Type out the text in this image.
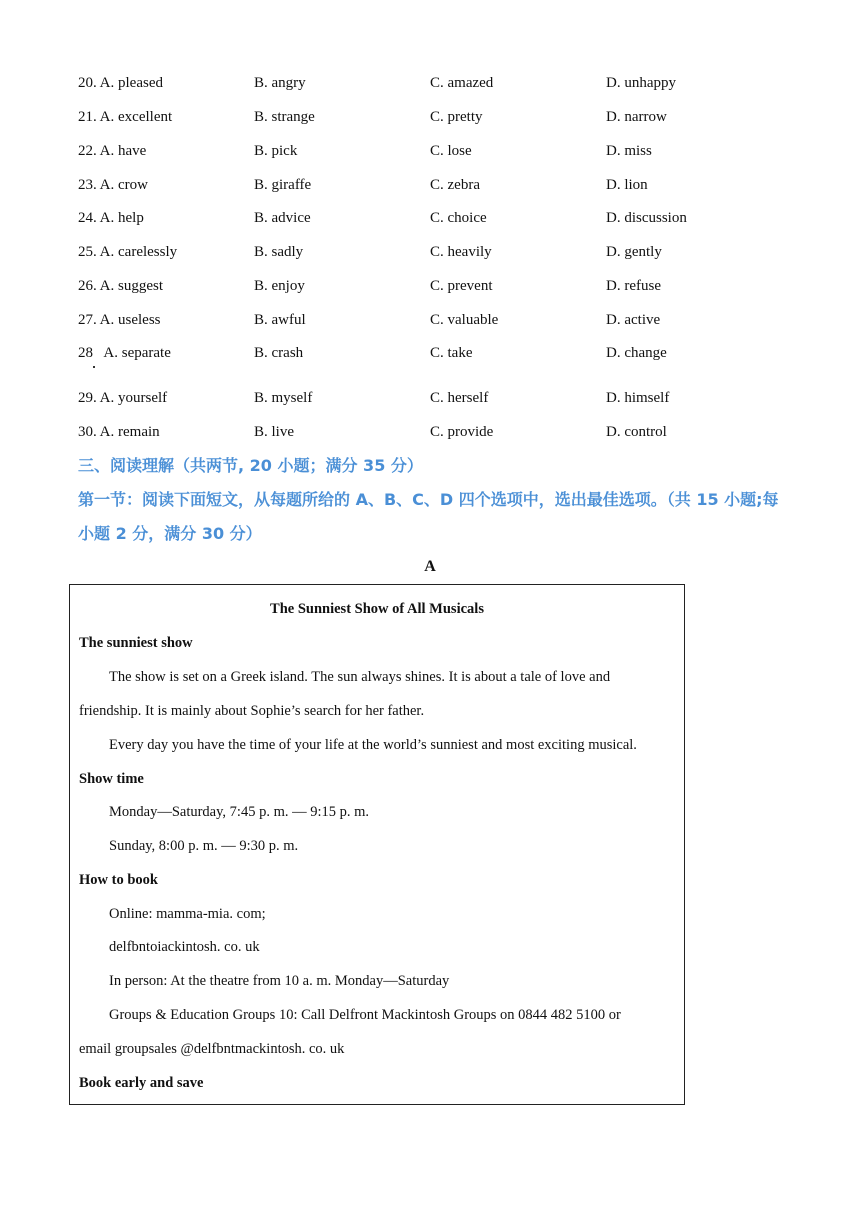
20. A. pleased	B. angry	C. amazed	D. unhappy
21. A. excellent	B. strange	C. pretty	D. narrow
22. A. have	B. pick	C. lose	D. miss
23. A. crow	B. giraffe	C. zebra	D. lion
24. A. help	B. advice	C. choice	D. discussion
25. A. carelessly	B. sadly	C. heavily	D. gently
26. A. suggest	B. enjoy	C. prevent	D. refuse
27. A. useless	B. awful	C. valuable	D. active
28   A. separate	B. crash	C. take	D. change
29. A. yourself	B. myself	C. herself	D. himself
30. A. remain	B. live	C. provide	D. control
三、阅读理解（共两节, 20 小题；满分 35 分）
第一节：阅读下面短文，从每题所给的 A、B、C、D 四个选项中，选出最佳选项。（共 15 小题;每小题 2 分，满分 30 分）
A
The Sunniest Show of All Musicals
The sunniest show
The show is set on a Greek island. The sun always shines. It is about a tale of love and
friendship. It is mainly about Sophie’s search for her father.
Every day you have the time of your life at the world’s sunniest and most exciting musical.
Show time
Monday—Saturday, 7:45 p. m. — 9:15 p. m.
Sunday, 8:00 p. m. — 9:30 p. m.
How to book
Online: mamma-mia. com;
delfbntoiackintosh. co. uk
In person: At the theatre from 10 a. m. Monday—Saturday
Groups & Education Groups 10: Call Delfront Mackintosh Groups on 0844 482 5100 or
email groupsales @delfbntmackintosh. co. uk
Book early and save
